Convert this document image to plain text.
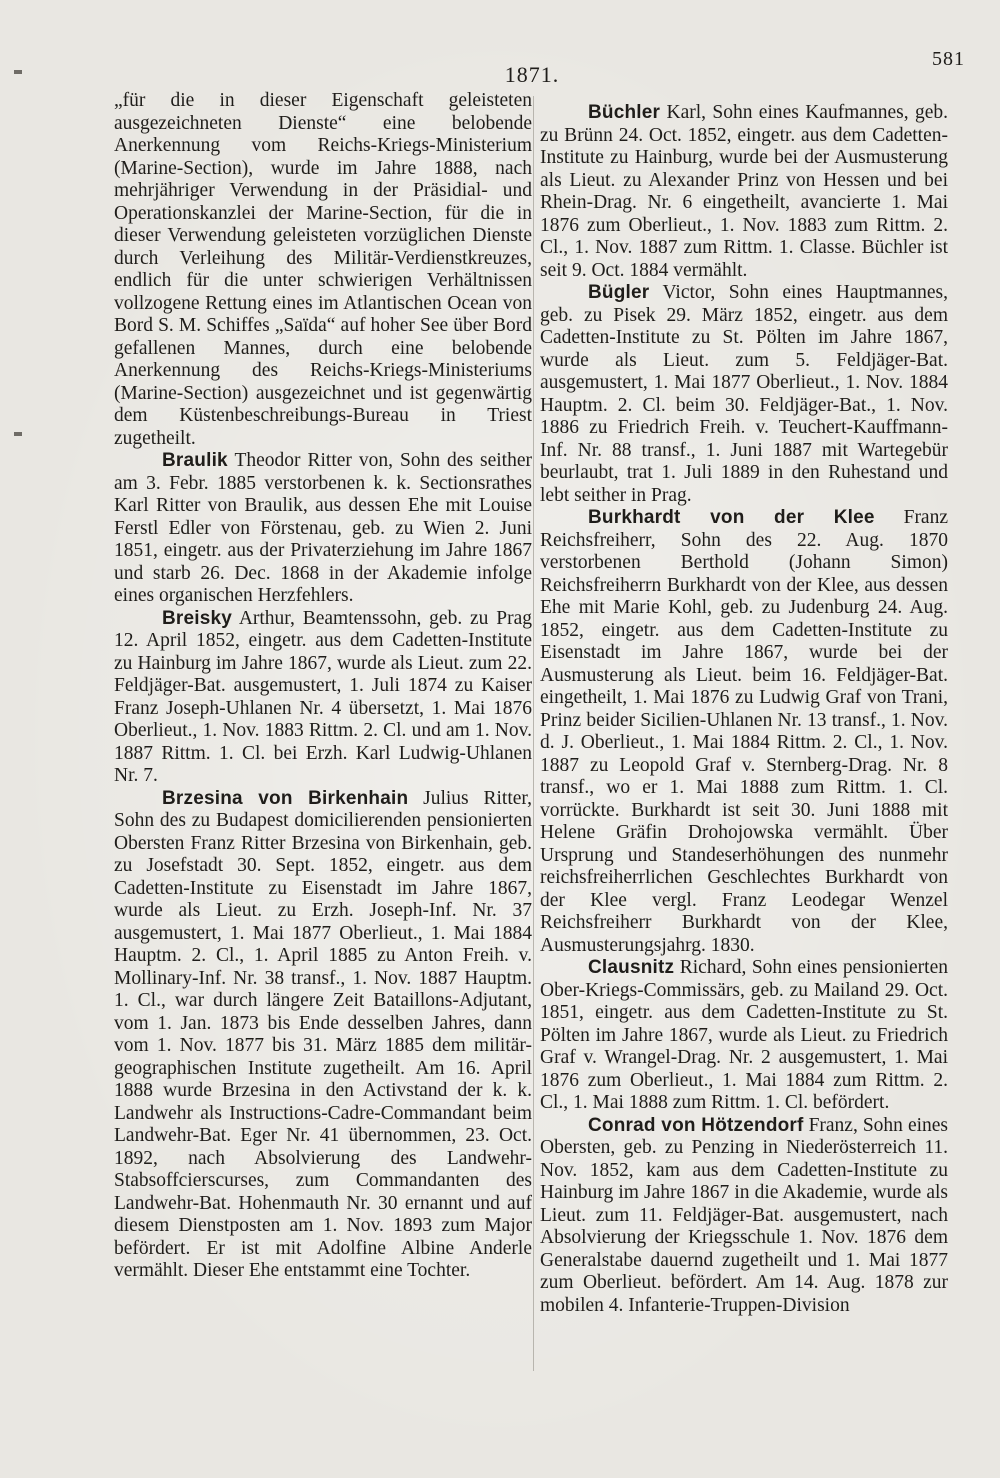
1871.
581

„für die in dieser Eigenschaft geleisteten ausgezeichneten Dienste“ eine belobende Anerkennung vom Reichs-Kriegs-Ministerium (Marine-Section), wurde im Jahre 1888, nach mehrjähriger Verwendung in der Präsidial- und Operationskanzlei der Marine-Section, für die in dieser Verwendung geleisteten vorzüglichen Dienste durch Verleihung des Militär-Verdienstkreuzes, endlich für die unter schwierigen Verhältnissen vollzogene Rettung eines im Atlantischen Ocean von Bord S. M. Schiffes „Saïda“ auf hoher See über Bord gefallenen Mannes, durch eine belobende Anerkennung des Reichs-Kriegs-Ministeriums (Marine-Section) ausgezeichnet und ist gegenwärtig dem Küstenbeschreibungs-Bureau in Triest zugetheilt.

Braulik Theodor Ritter von, Sohn des seither am 3. Febr. 1885 verstorbenen k. k. Sectionsrathes Karl Ritter von Braulik, aus dessen Ehe mit Louise Ferstl Edler von Förstenau, geb. zu Wien 2. Juni 1851, eingetr. aus der Privaterziehung im Jahre 1867 und starb 26. Dec. 1868 in der Akademie infolge eines organischen Herzfehlers.

Breisky Arthur, Beamtenssohn, geb. zu Prag 12. April 1852, eingetr. aus dem Cadetten-Institute zu Hainburg im Jahre 1867, wurde als Lieut. zum 22. Feldjäger-Bat. ausgemustert, 1. Juli 1874 zu Kaiser Franz Joseph-Uhlanen Nr. 4 übersetzt, 1. Mai 1876 Oberlieut., 1. Nov. 1883 Rittm. 2. Cl. und am 1. Nov. 1887 Rittm. 1. Cl. bei Erzh. Karl Ludwig-Uhlanen Nr. 7.

Brzesina von Birkenhain Julius Ritter, Sohn des zu Budapest domicilierenden pensionierten Obersten Franz Ritter Brzesina von Birkenhain, geb. zu Josefstadt 30. Sept. 1852, eingetr. aus dem Cadetten-Institute zu Eisenstadt im Jahre 1867, wurde als Lieut. zu Erzh. Joseph-Inf. Nr. 37 ausgemustert, 1. Mai 1877 Oberlieut., 1. Mai 1884 Hauptm. 2. Cl., 1. April 1885 zu Anton Freih. v. Mollinary-Inf. Nr. 38 transf., 1. Nov. 1887 Hauptm. 1. Cl., war durch längere Zeit Bataillons-Adjutant, vom 1. Jan. 1873 bis Ende desselben Jahres, dann vom 1. Nov. 1877 bis 31. März 1885 dem militär-geographischen Institute zugetheilt. Am 16. April 1888 wurde Brzesina in den Activstand der k. k. Landwehr als Instructions-Cadre-Commandant beim Landwehr-Bat. Eger Nr. 41 übernommen, 23. Oct. 1892, nach Absolvierung des Landwehr-Stabsoffcierscurses, zum Commandanten des Landwehr-Bat. Hohenmauth Nr. 30 ernannt und auf diesem Dienstposten am 1. Nov. 1893 zum Major befördert. Er ist mit Adolfine Albine Anderle vermählt. Dieser Ehe entstammt eine Tochter.

Büchler Karl, Sohn eines Kaufmannes, geb. zu Brünn 24. Oct. 1852, eingetr. aus dem Cadetten-Institute zu Hainburg, wurde bei der Ausmusterung als Lieut. zu Alexander Prinz von Hessen und bei Rhein-Drag. Nr. 6 eingetheilt, avancierte 1. Mai 1876 zum Oberlieut., 1. Nov. 1883 zum Rittm. 2. Cl., 1. Nov. 1887 zum Rittm. 1. Classe. Büchler ist seit 9. Oct. 1884 vermählt.

Bügler Victor, Sohn eines Hauptmannes, geb. zu Pisek 29. März 1852, eingetr. aus dem Cadetten-Institute zu St. Pölten im Jahre 1867, wurde als Lieut. zum 5. Feldjäger-Bat. ausgemustert, 1. Mai 1877 Oberlieut., 1. Nov. 1884 Hauptm. 2. Cl. beim 30. Feldjäger-Bat., 1. Nov. 1886 zu Friedrich Freih. v. Teuchert-Kauffmann-Inf. Nr. 88 transf., 1. Juni 1887 mit Wartegebür beurlaubt, trat 1. Juli 1889 in den Ruhestand und lebt seither in Prag.

Burkhardt von der Klee Franz Reichsfreiherr, Sohn des 22. Aug. 1870 verstorbenen Berthold (Johann Simon) Reichsfreiherrn Burkhardt von der Klee, aus dessen Ehe mit Marie Kohl, geb. zu Judenburg 24. Aug. 1852, eingetr. aus dem Cadetten-Institute zu Eisenstadt im Jahre 1867, wurde bei der Ausmusterung als Lieut. beim 16. Feldjäger-Bat. eingetheilt, 1. Mai 1876 zu Ludwig Graf von Trani, Prinz beider Sicilien-Uhlanen Nr. 13 transf., 1. Nov. d. J. Oberlieut., 1. Mai 1884 Rittm. 2. Cl., 1. Nov. 1887 zu Leopold Graf v. Sternberg-Drag. Nr. 8 transf., wo er 1. Mai 1888 zum Rittm. 1. Cl. vorrückte. Burkhardt ist seit 30. Juni 1888 mit Helene Gräfin Drohojowska vermählt. Über Ursprung und Standeserhöhungen des nunmehr reichsfreiherrlichen Geschlechtes Burkhardt von der Klee vergl. Franz Leodegar Wenzel Reichsfreiherr Burkhardt von der Klee, Ausmusterungsjahrg. 1830.

Clausnitz Richard, Sohn eines pensionierten Ober-Kriegs-Commissärs, geb. zu Mailand 29. Oct. 1851, eingetr. aus dem Cadetten-Institute zu St. Pölten im Jahre 1867, wurde als Lieut. zu Friedrich Graf v. Wrangel-Drag. Nr. 2 ausgemustert, 1. Mai 1876 zum Oberlieut., 1. Mai 1884 zum Rittm. 2. Cl., 1. Mai 1888 zum Rittm. 1. Cl. befördert.

Conrad von Hötzendorf Franz, Sohn eines Obersten, geb. zu Penzing in Niederösterreich 11. Nov. 1852, kam aus dem Cadetten-Institute zu Hainburg im Jahre 1867 in die Akademie, wurde als Lieut. zum 11. Feldjäger-Bat. ausgemustert, nach Absolvierung der Kriegsschule 1. Nov. 1876 dem Generalstabe dauernd zugetheilt und 1. Mai 1877 zum Oberlieut. befördert. Am 14. Aug. 1878 zur mobilen 4. Infanterie-Truppen-Division
